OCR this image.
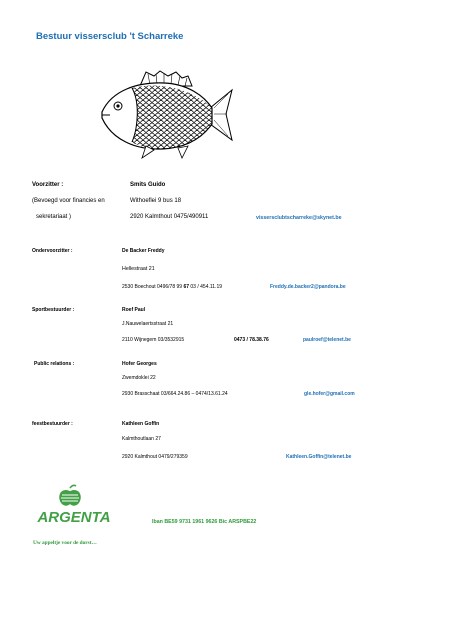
Bestuur vissersclub 't Scharreke
Voorzitter :	Smits Guido
(Bevoegd voor financies en	Withoeflei 9 bus 18
sekretariaat )	2920 Kalmthout 0475/490911	vissersclubtscharreke@skynet.be
Ondervoorzitter :	De Backer Freddy
Hellestraat 21
2530 Boechout 0496/78 99 67 03 / 454.11.19	Freddy.de.backer2@pandora.be
Sportbestuurder :	Roef Paul
J.Nauwelaertsstraat 21
2110 Wijnegem 03/3532915	0473 / 78.38.76	paulroef@telenet.be
Public relations :	Hofer Georges
Zwemdoklei 22
2930 Brasschaat 03/664.24.86 – 0474/13.61.24	gle.hofer@gmail.com
feestbestuurder :	Kathleen Goffin
Kalmthoutlaan 27
2920 Kalmthout 0479/279359	Kathleen.Goffin@telenet.be
ARGENTA	Iban BE59 9731 1961 9626 Bic ARSPBE22
Uw appeltje voor de dorst…
